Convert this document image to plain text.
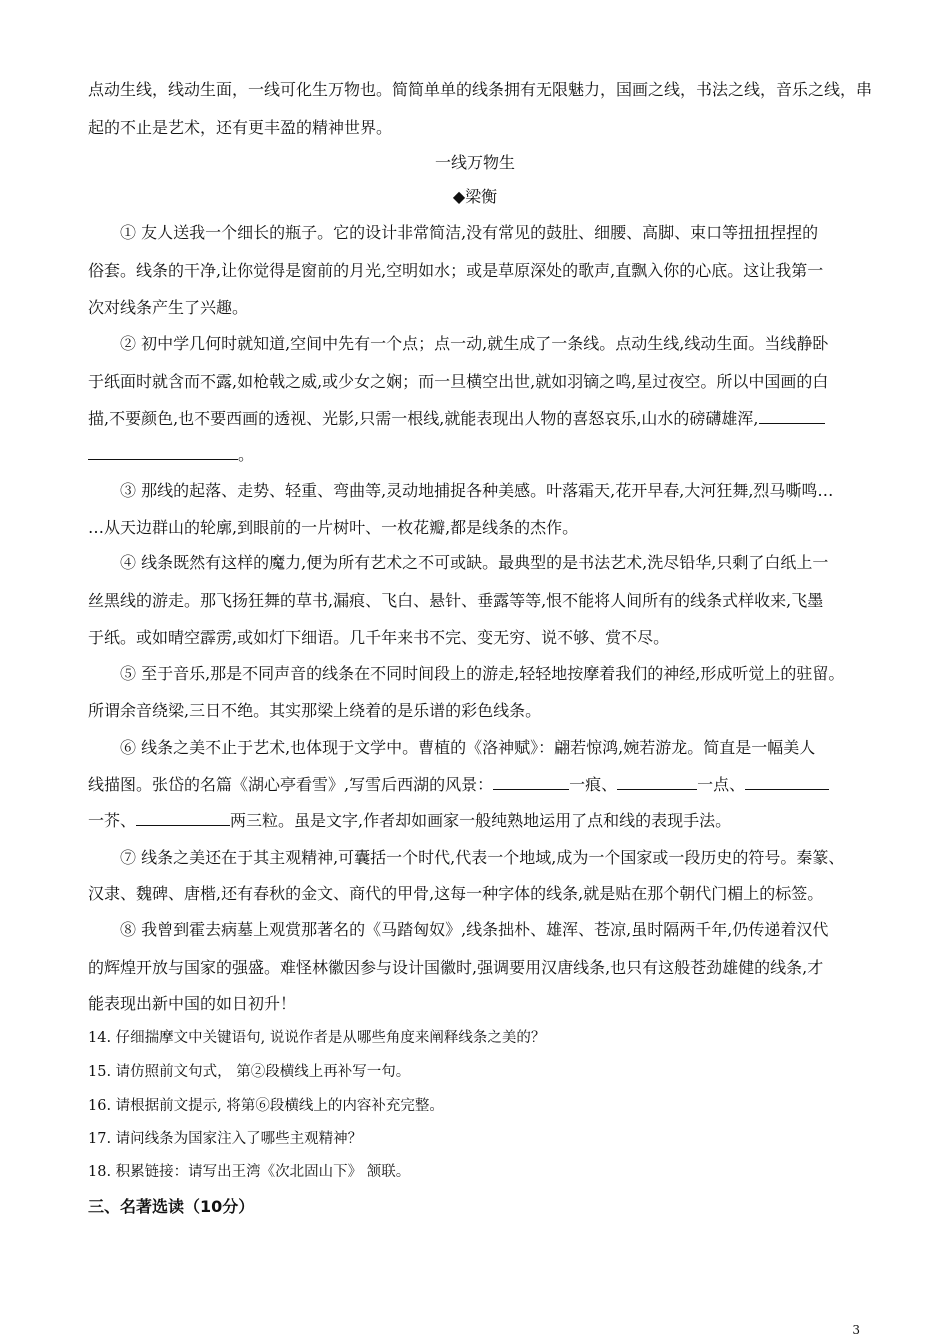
点动生线，线动生面，一线可化生万物也。简简单单的线条拥有无限魅力，国画之线，书法之线，音乐之线，串
起的不止是艺术，还有更丰盈的精神世界。
一线万物生
◆梁衡
① 友人送我一个细长的瓶子。它的设计非常简洁,没有常见的鼓肚、细腰、高脚、束口等扭扭捏捏的
俗套。线条的干净,让你觉得是窗前的月光,空明如水；或是草原深处的歌声,直飘入你的心底。这让我第一
次对线条产生了兴趣。
② 初中学几何时就知道,空间中先有一个点；点一动,就生成了一条线。点动生线,线动生面。当线静卧
于纸面时就含而不露,如枪戟之威,或少女之娴；而一旦横空出世,就如羽镝之鸣,星过夜空。所以中国画的白
描,不要颜色,也不要西画的透视、光影,只需一根线,就能表现出人物的喜怒哀乐,山水的磅礴雄浑,
。
③ 那线的起落、走势、轻重、弯曲等,灵动地捕捉各种美感。叶落霜天,花开早春,大河狂舞,烈马嘶鸣…
…从天边群山的轮廓,到眼前的一片树叶、一枚花瓣,都是线条的杰作。
④ 线条既然有这样的魔力,便为所有艺术之不可或缺。最典型的是书法艺术,洗尽铅华,只剩了白纸上一
丝黑线的游走。那飞扬狂舞的草书,漏痕、飞白、悬针、垂露等等,恨不能将人间所有的线条式样收来,飞墨
于纸。或如晴空霹雳,或如灯下细语。几千年来书不完、变无穷、说不够、赏不尽。
⑤ 至于音乐,那是不同声音的线条在不同时间段上的游走,轻轻地按摩着我们的神经,形成听觉上的驻留。
所谓余音绕梁,三日不绝。其实那梁上绕着的是乐谱的彩色线条。
⑥ 线条之美不止于艺术,也体现于文学中。曹植的《洛神赋》：翩若惊鸿,婉若游龙。简直是一幅美人
线描图。张岱的名篇《湖心亭看雪》,写雪后西湖的风景：	一痕、	一点、
一芥、	两三粒。虽是文字,作者却如画家一般纯熟地运用了点和线的表现手法。
⑦ 线条之美还在于其主观精神,可囊括一个时代,代表一个地域,成为一个国家或一段历史的符号。秦篆、
汉隶、魏碑、唐楷,还有春秋的金文、商代的甲骨,这每一种字体的线条,就是贴在那个朝代门楣上的标签。
⑧ 我曾到霍去病墓上观赏那著名的《马踏匈奴》,线条拙朴、雄浑、苍凉,虽时隔两千年,仍传递着汉代
的辉煌开放与国家的强盛。难怪林徽因参与设计国徽时,强调要用汉唐线条,也只有这般苍劲雄健的线条,才
能表现出新中国的如日初升！
14. 仔细揣摩文中关键语句, 说说作者是从哪些角度来阐释线条之美的？
15. 请仿照前文句式， 第②段横线上再补写一句。
16. 请根据前文提示, 将第⑥段横线上的内容补充完整。
17. 请问线条为国家注入了哪些主观精神？
18. 积累链接：请写出王湾《次北固山下》 颔联。
三、名著选读（10分）
3
